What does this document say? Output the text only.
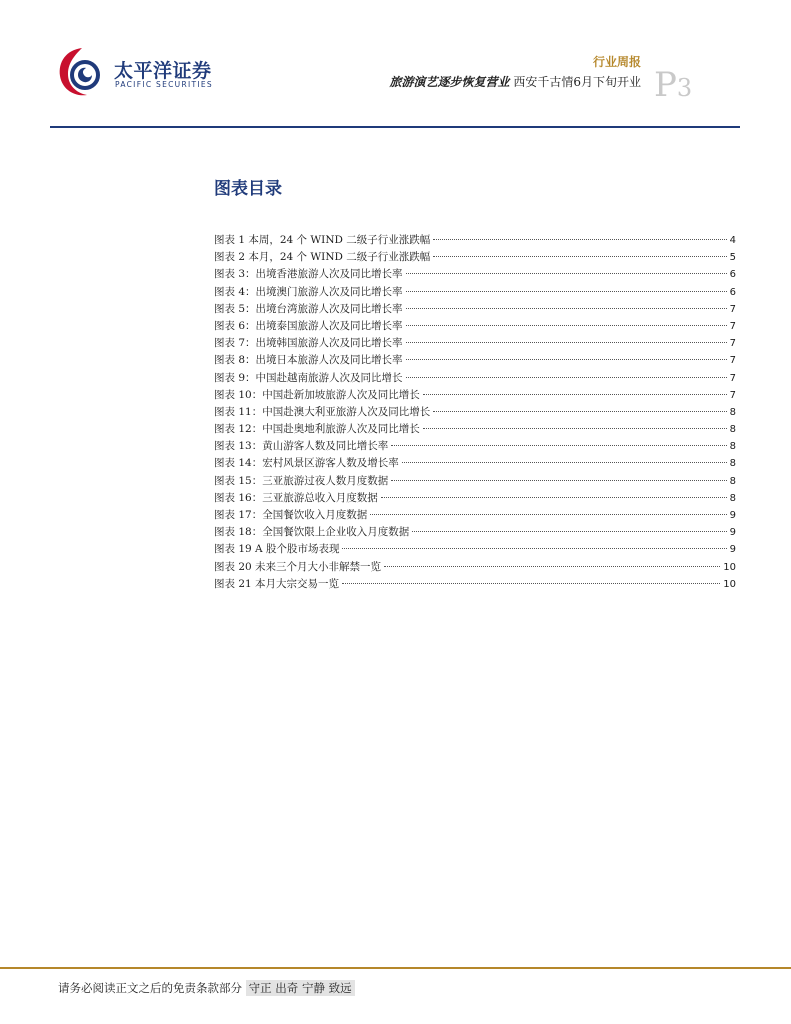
太平洋证券
PACIFIC SECURITIES
行业周报
旅游演艺逐步恢复营业 西安千古情6月下旬开业 P3
图表目录
图表 1 本周，24 个 WIND 二级子行业涨跌幅	4
图表 2 本月，24 个 WIND 二级子行业涨跌幅	5
图表 3：出境香港旅游人次及同比增长率	6
图表 4：出境澳门旅游人次及同比增长率	6
图表 5：出境台湾旅游人次及同比增长率	7
图表 6：出境泰国旅游人次及同比增长率	7
图表 7：出境韩国旅游人次及同比增长率	7
图表 8：出境日本旅游人次及同比增长率	7
图表 9：中国赴越南旅游人次及同比增长	7
图表 10：中国赴新加坡旅游人次及同比增长	7
图表 11：中国赴澳大利亚旅游人次及同比增长	8
图表 12：中国赴奥地利旅游人次及同比增长	8
图表 13：黄山游客人数及同比增长率	8
图表 14：宏村风景区游客人数及增长率	8
图表 15：三亚旅游过夜人数月度数据	8
图表 16：三亚旅游总收入月度数据	8
图表 17：全国餐饮收入月度数据	9
图表 18：全国餐饮限上企业收入月度数据	9
图表 19 A 股个股市场表现	9
图表 20 未来三个月大小非解禁一览	10
图表 21 本月大宗交易一览	10
请务必阅读正文之后的免责条款部分 守正 出奇 宁静 致远
